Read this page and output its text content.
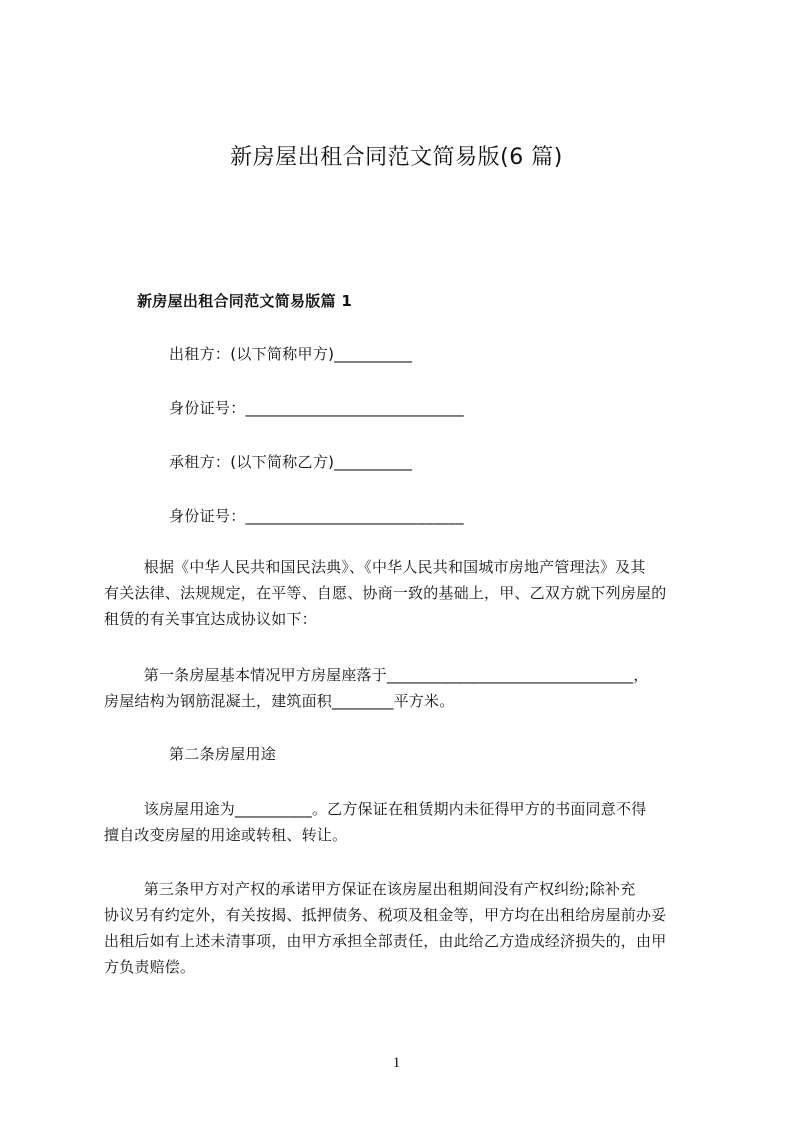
新房屋出租合同范文简易版(6 篇)
新房屋出租合同范文简易版篇 1
出租方：(以下简称甲方)__________
身份证号：____________________________
承租方：(以下简称乙方)__________
身份证号：____________________________
根据《中华人民共和国民法典》、《中华人民共和国城市房地产管理法》及其
有关法律、法规规定，在平等、自愿、协商一致的基础上，甲、乙双方就下列房屋的
租赁的有关事宜达成协议如下：
第一条房屋基本情况甲方房屋座落于________________________________，
房屋结构为钢筋混凝土，建筑面积________平方米。
第二条房屋用途
该房屋用途为__________。乙方保证在租赁期内未征得甲方的书面同意不得
擅自改变房屋的用途或转租、转让。
第三条甲方对产权的承诺甲方保证在该房屋出租期间没有产权纠纷;除补充
协议另有约定外，有关按揭、抵押债务、税项及租金等，甲方均在出租给房屋前办妥
出租后如有上述未清事项，由甲方承担全部责任，由此给乙方造成经济损失的，由甲
方负责赔偿。
1
